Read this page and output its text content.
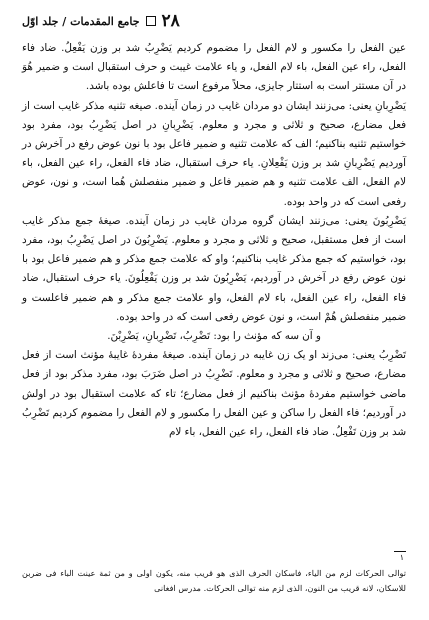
۲۸
جامع المقدمات / جلد اوّل

عین الفعل را مکسور و لام الفعل را مضموم کردیم یَضْرِبُ شد بر وزن یَفْعِلُ. ضاد فاء الفعل، راء عین الفعل، باء لام الفعل، و یاء علامت غیبت و حرف استقبال است و ضمیر هُوَ در آن مستتر است به استتار جایزی، محلاً مرفوع است تا فاعلش بوده باشد.

یَضْرِبانِ یعنی: می‌زنند ایشان دو مردان غایب در زمان آینده. صیغه تثنیه مذکر غایب است از فعل مضارع، صحیح و ثلاثی و مجرد و معلوم. یَضْرِبانِ در اصل یَضْرِبُ بود، مفرد بود خواستیم تثنیه بناکنیم؛ الف که علامت تثنیه و ضمیر فاعل بود با نون عوض رفع در آخرش در آوردیم یَضْرِبانِ شد بر وزن یَفْعِلانِ. یاء حرف استقبال، ضاد فاء الفعل، راء عین الفعل، باء لام الفعل، الف علامت تثنیه و هم ضمیر فاعل و ضمیر منفصلش هُما است، و نون، عوض رفعی است که در واحد بوده.

یَضْرِبُونَ یعنی: می‌زنند ایشان گروه مردان غایب در زمان آینده. صیغهٔ جمع مذکر غایب است از فعل مستقبل، صحیح و ثلاثی و مجرد و معلوم. یَضْرِبُونَ در اصل یَضْرِبُ بود، مفرد بود، خواستیم که جمع مذکر غایب بناکنیم؛ واو که علامت جمع مذکر و هم ضمیر فاعل بود با نون عوض رفع در آخرش در آوردیم، یَضْرِبُونَ شد بر وزن یَفْعِلُونَ. یاء حرف استقبال، ضاد فاء الفعل، راء عین الفعل، باء لام الفعل، واو علامت جمع مذکر و هم ضمیر فاعلست و ضمیر منفصلش هُمْ است، و نون عوض رفعی است که در واحد بوده.

و آن سه که مؤنث را بود: تَضْرِبُ، تَضْرِبانِ، یَضْرِبْنَ.

تَضْرِبُ یعنی: می‌زند او یک زن غایبه در زمان آینده. صیغهٔ مفردهٔ غایبهٔ مؤنث است از فعل مضارع، صحیح و ثلاثی و مجرد و معلوم. تَضْرِبُ در اصل ضَرَبَ بود، مفرد مذکر بود از فعل ماضی خواستیم مفردهٔ مؤنث بناکنیم از فعل مضارع؛ تاء که علامت استقبال بود در اولش در آوردیم؛ فاء الفعل را ساکن و عین الفعل را مکسور و لام الفعل را مضموم کردیم تَضْرِبُ شد بر وزن تَفْعِلُ. ضاد فاء الفعل، راء عین الفعل، باء لام

۱

توالی الحرکات لزم من الیاء، فاسکان الحرف الذی هو قریب منه، یکون اولی و من ثمة عینت الباء فی ضربن للاسکان، لانه قریب من النون، الذی لزم منه توالی الحرکات. مدرس افغانی
